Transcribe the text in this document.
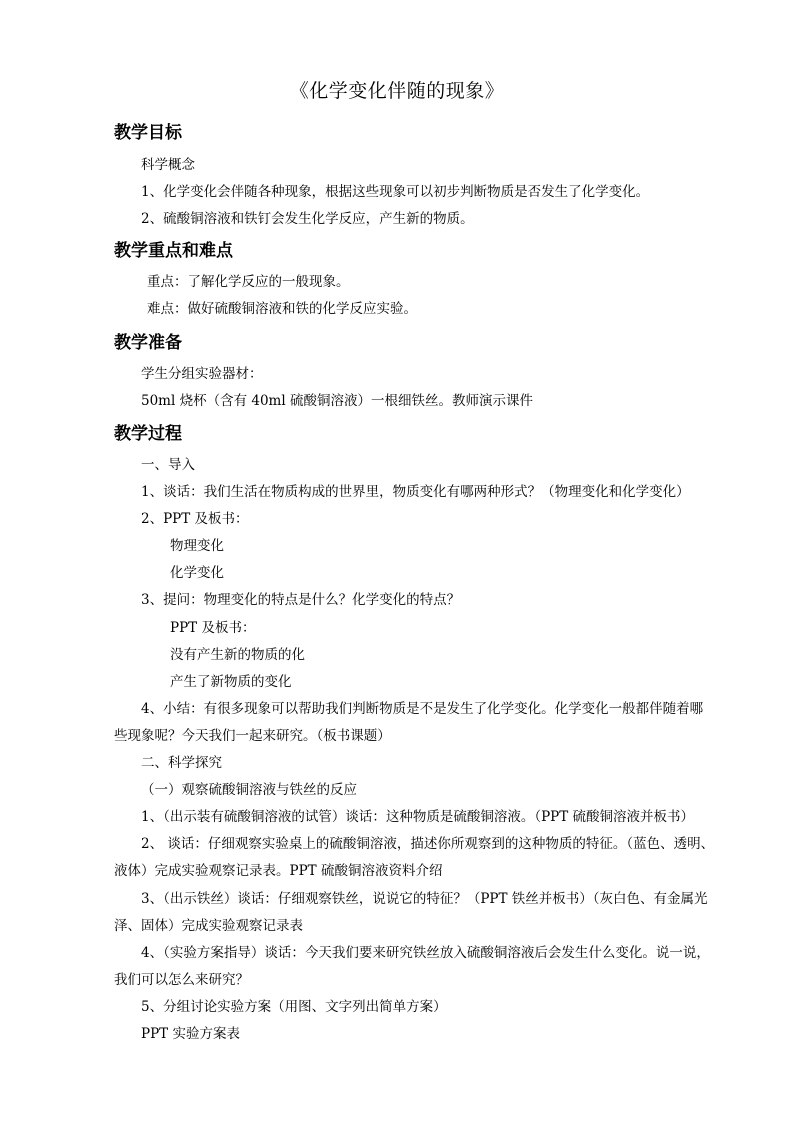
《化学变化伴随的现象》
教学目标
科学概念
1、化学变化会伴随各种现象，根据这些现象可以初步判断物质是否发生了化学变化。
2、硫酸铜溶液和铁钉会发生化学反应，产生新的物质。
教学重点和难点
重点：了解化学反应的一般现象。
难点：做好硫酸铜溶液和铁的化学反应实验。
教学准备
学生分组实验器材：
50ml 烧杯（含有 40ml 硫酸铜溶液）一根细铁丝。教师演示课件
教学过程
一、导入
1、谈话：我们生活在物质构成的世界里，物质变化有哪两种形式？（物理变化和化学变化）
2、PPT 及板书：
物理变化
化学变化
3、提问：物理变化的特点是什么？化学变化的特点？
PPT 及板书：
没有产生新的物质的化
产生了新物质的变化
4、小结：有很多现象可以帮助我们判断物质是不是发生了化学变化。化学变化一般都伴随着哪
些现象呢？今天我们一起来研究。（板书课题）
二、科学探究
（一）观察硫酸铜溶液与铁丝的反应
1、（出示装有硫酸铜溶液的试管）谈话：这种物质是硫酸铜溶液。（PPT 硫酸铜溶液并板书）
2、 谈话：仔细观察实验桌上的硫酸铜溶液，描述你所观察到的这种物质的特征。（蓝色、透明、
液体）完成实验观察记录表。PPT 硫酸铜溶液资料介绍
3、（出示铁丝）谈话：仔细观察铁丝，说说它的特征？（PPT 铁丝并板书）（灰白色、有金属光
泽、固体）完成实验观察记录表
4、（实验方案指导）谈话：今天我们要来研究铁丝放入硫酸铜溶液后会发生什么变化。说一说，
我们可以怎么来研究？
5、分组讨论实验方案（用图、文字列出简单方案）
PPT 实验方案表
